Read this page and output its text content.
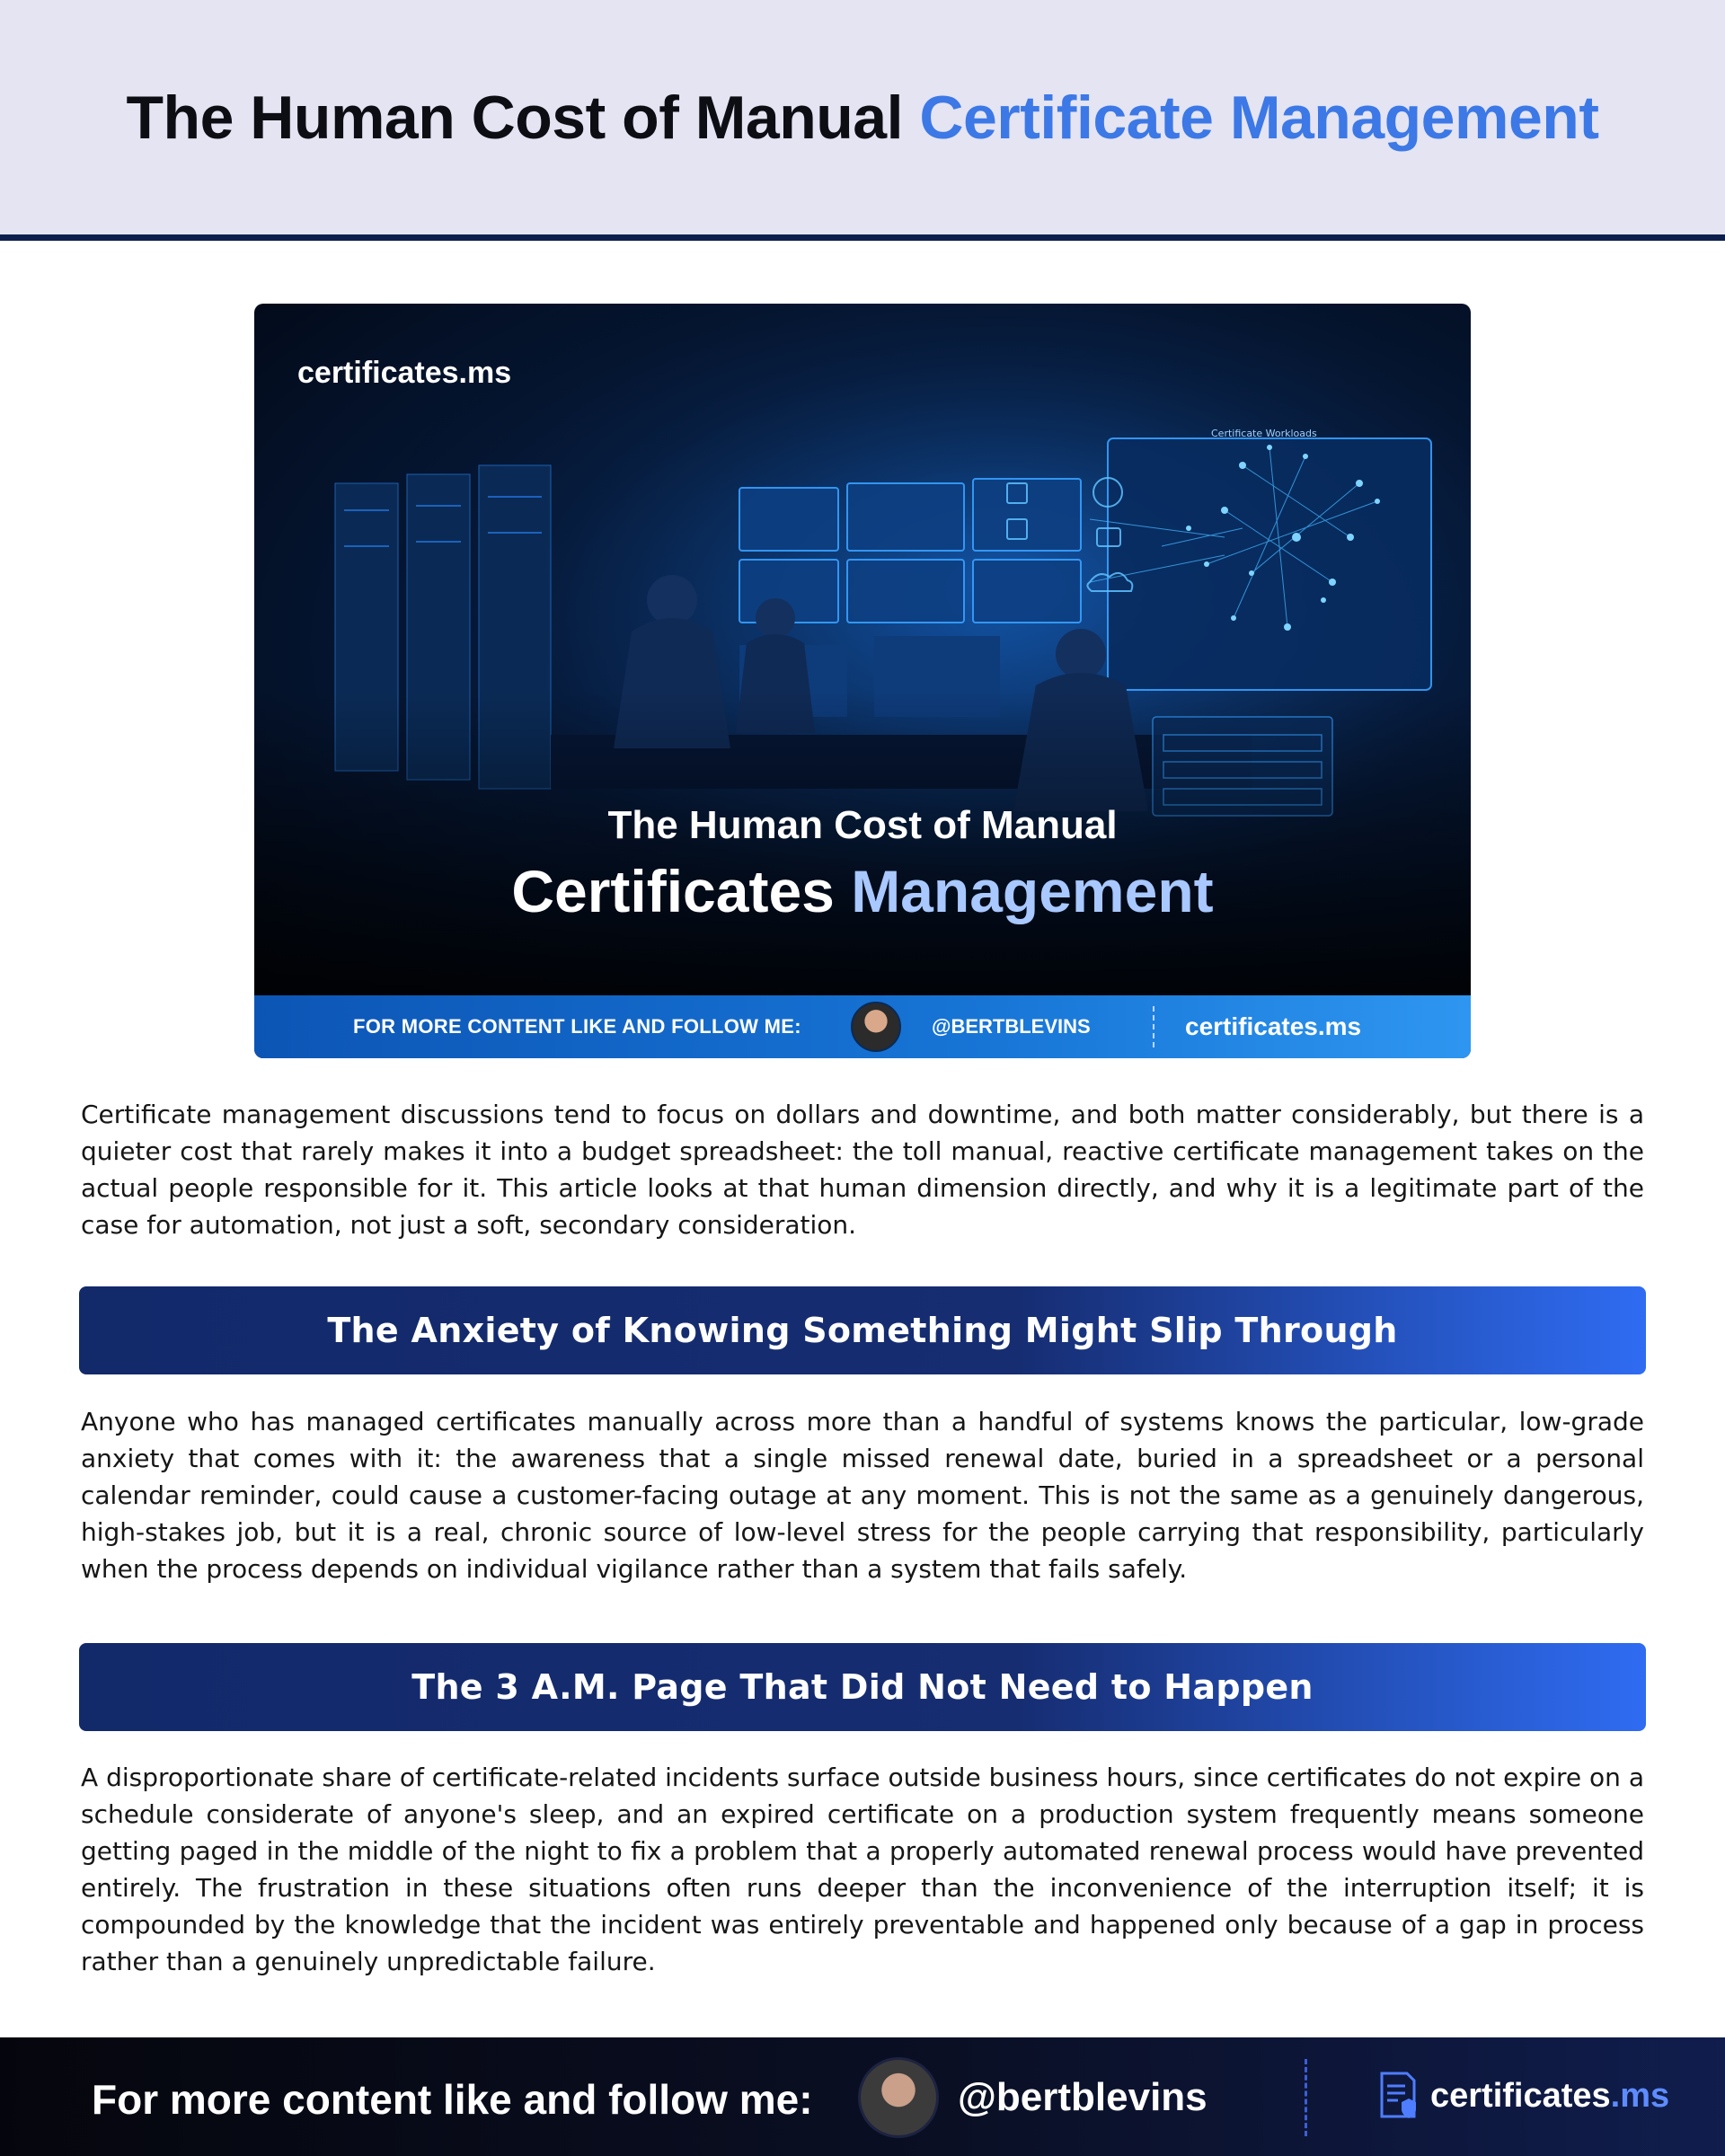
The Human Cost of Manual Certificate Management
Certificate Workloads
certificates.ms
The Human Cost of Manual
Certificates Management
FOR MORE CONTENT LIKE AND FOLLOW ME:	@BERTBLEVINS	certificates.ms

Certificate management discussions tend to focus on dollars and downtime, and both matter considerably, but there is a quieter cost that rarely makes it into a budget spreadsheet: the toll manual, reactive certificate management takes on the actual people responsible for it. This article looks at that human dimension directly, and why it is a legitimate part of the case for automation, not just a soft, secondary consideration.

The Anxiety of Knowing Something Might Slip Through

Anyone who has managed certificates manually across more than a handful of systems knows the particular, low-grade anxiety that comes with it: the awareness that a single missed renewal date, buried in a spreadsheet or a personal calendar reminder, could cause a customer-facing outage at any moment. This is not the same as a genuinely dangerous, high-stakes job, but it is a real, chronic source of low-level stress for the people carrying that responsibility, particularly when the process depends on individual vigilance rather than a system that fails safely.

The 3 A.M. Page That Did Not Need to Happen

A disproportionate share of certificate-related incidents surface outside business hours, since certificates do not expire on a schedule considerate of anyone's sleep, and an expired certificate on a production system frequently means someone getting paged in the middle of the night to fix a problem that a properly automated renewal process would have prevented entirely. The frustration in these situations often runs deeper than the inconvenience of the interruption itself; it is compounded by the knowledge that the incident was entirely preventable and happened only because of a gap in process rather than a genuinely unpredictable failure.

For more content like and follow me:	@bertblevins	certificates.ms
